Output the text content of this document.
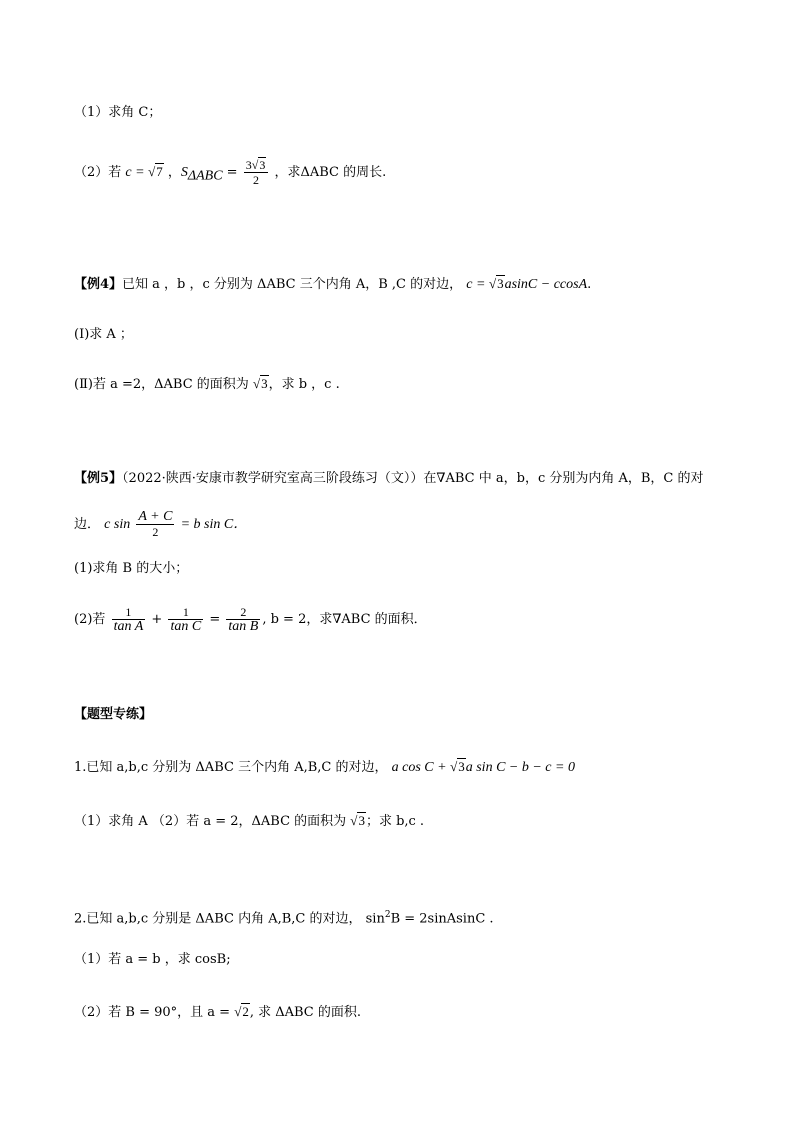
（1）求角 C；
（2）若 c = √7 ，$S_{\Delta ABC} = \frac{3√3}{2}$ ，求ΔABC 的周长.
【例4】已知 a ，b ，c 分别为 ΔABC 三个内角 A，B ,C 的对边， c = √3asinC − ccosA.
(Ⅰ)求 A ；
(Ⅱ)若 a =2，ΔABC 的面积为 √3，求 b ，c .
【例5】（2022·陕西·安康市教学研究室高三阶段练习（文））在∇ABC 中 a，b，c 分别为内角 A，B，C 的对
边． c $\sin \frac{A + C}{2} = b$ sin C．
(1)求角 B 的大小；
(2)若 $\frac{1}{\text{tan A}} + \frac{1}{\text{tan C}} = \frac{2}{\text{tan B}}$ , b = 2，求∇ABC 的面积．
【题型专练】
1.已知 a,b,c 分别为 ΔABC 三个内角 A,B,C 的对边， a cos C + √3a sin C − b − c = 0
（1）求角 A （2）若 a = 2，ΔABC 的面积为 √3；求 b,c .
2.已知 a,b,c 分别是 ΔABC 内角 A,B,C 的对边， $\sin^2B$ = 2sinAsinC .
（1）若 a = b ，求 cosB;
（2）若 B = 90°，且 a = √2, 求 ΔABC 的面积.
